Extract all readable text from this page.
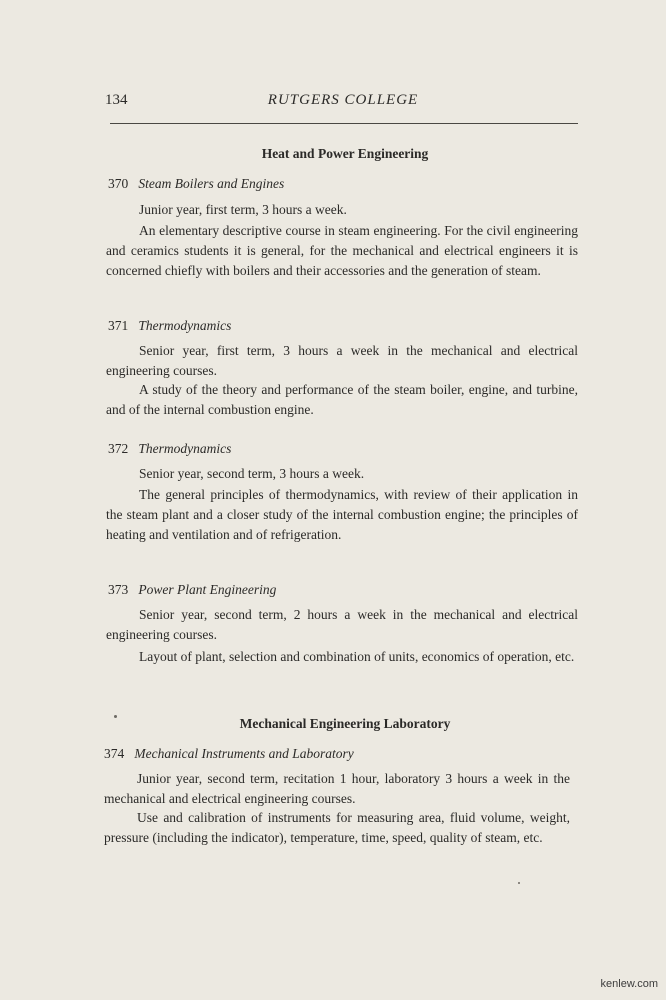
134	RUTGERS COLLEGE
Heat and Power Engineering
370 Steam Boilers and Engines
Junior year, first term, 3 hours a week.
An elementary descriptive course in steam engineering. For the civil engineering and ceramics students it is general, for the mechanical and electrical engineers it is concerned chiefly with boilers and their accessories and the generation of steam.
371 Thermodynamics
Senior year, first term, 3 hours a week in the mechanical and electrical engineering courses.
A study of the theory and performance of the steam boiler, engine, and turbine, and of the internal combustion engine.
372 Thermodynamics
Senior year, second term, 3 hours a week.
The general principles of thermodynamics, with review of their application in the steam plant and a closer study of the internal combustion engine; the principles of heating and ventilation and of refrigeration.
373 Power Plant Engineering
Senior year, second term, 2 hours a week in the mechanical and electrical engineering courses.
Layout of plant, selection and combination of units, economics of operation, etc.
Mechanical Engineering Laboratory
374 Mechanical Instruments and Laboratory
Junior year, second term, recitation 1 hour, laboratory 3 hours a week in the mechanical and electrical engineering courses.
Use and calibration of instruments for measuring area, fluid volume, weight, pressure (including the indicator), temperature, time, speed, quality of steam, etc.
kenlew.com
